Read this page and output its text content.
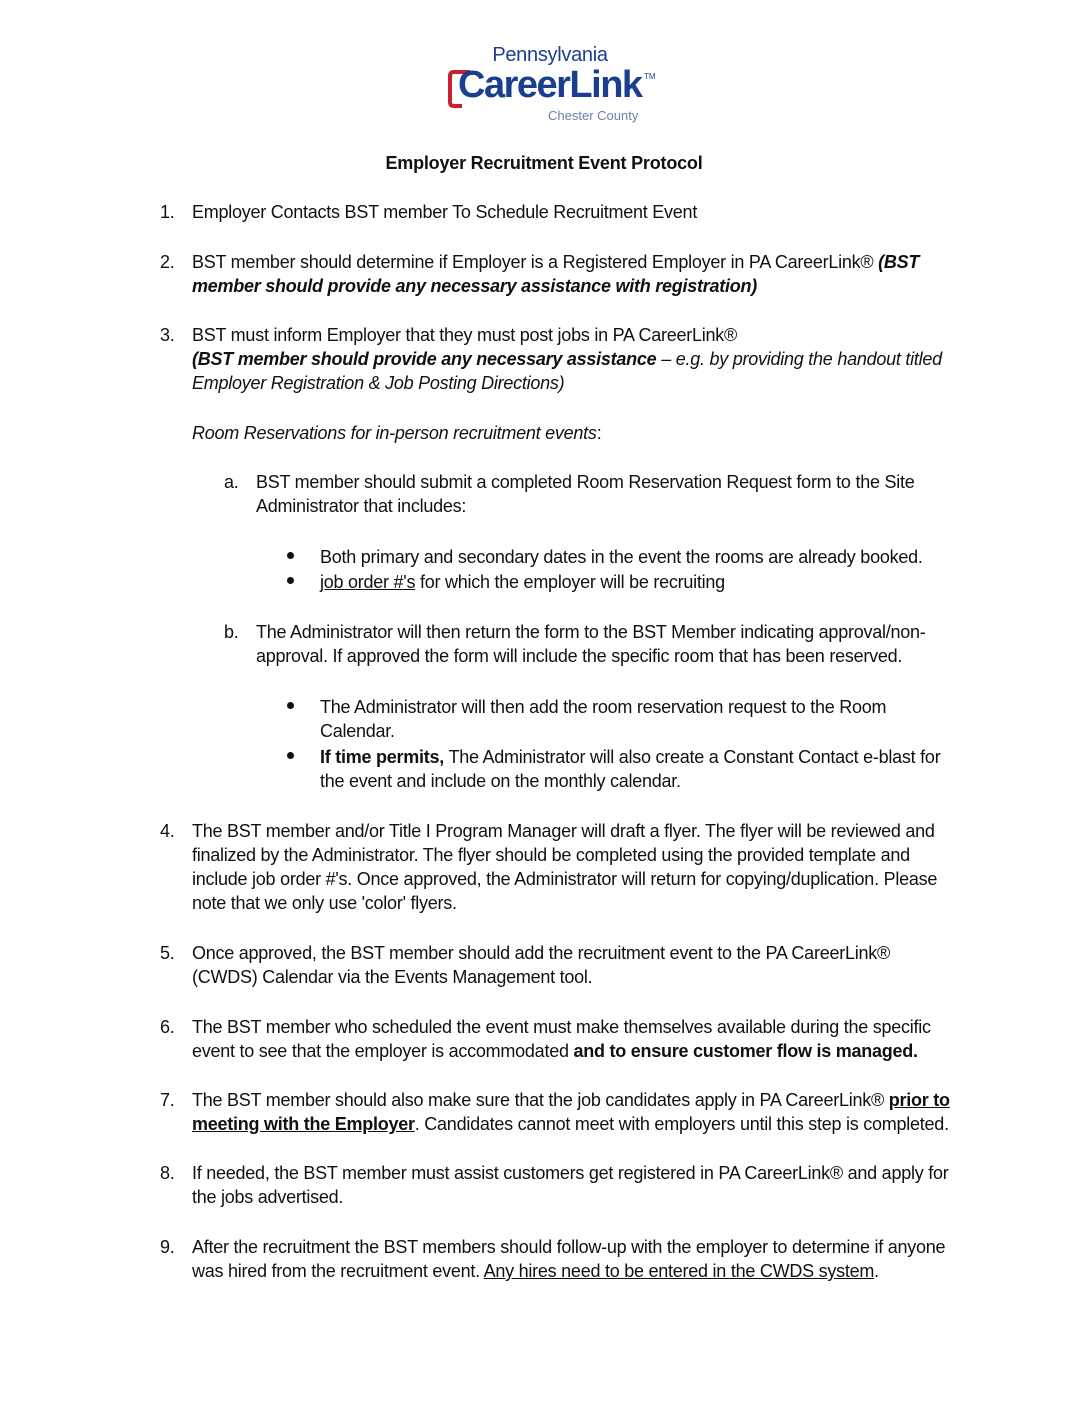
Pennsylvania
CareerLink TM
Chester County
Employer Recruitment Event Protocol
1. Employer Contacts BST member To Schedule Recruitment Event

2. BST member should determine if Employer is a Registered Employer in PA CareerLink® (BST

member should provide any necessary assistance with registration)

3. BST must inform Employer that they must post jobs in PA CareerLink®

(BST member should provide any necessary assistance – e.g. by providing the handout titled

Employer Registration & Job Posting Directions)

Room Reservations for in-person recruitment events:

a. BST member should submit a completed Room Reservation Request form to the Site

Administrator that includes:

Both primary and secondary dates in the event the rooms are already booked.

job order #'s for which the employer will be recruiting

b. The Administrator will then return the form to the BST Member indicating approval/non-

approval. If approved the form will include the specific room that has been reserved.

The Administrator will then add the room reservation request to the Room

Calendar.

If time permits, The Administrator will also create a Constant Contact e-blast for

the event and include on the monthly calendar.

4. The BST member and/or Title I Program Manager will draft a flyer. The flyer will be reviewed and

finalized by the Administrator. The flyer should be completed using the provided template and

include job order #'s. Once approved, the Administrator will return for copying/duplication. Please

note that we only use 'color' flyers.

5. Once approved, the BST member should add the recruitment event to the PA CareerLink®

(CWDS) Calendar via the Events Management tool.

6. The BST member who scheduled the event must make themselves available during the specific

event to see that the employer is accommodated and to ensure customer flow is managed.

7. The BST member should also make sure that the job candidates apply in PA CareerLink® prior to

meeting with the Employer. Candidates cannot meet with employers until this step is completed.

8. If needed, the BST member must assist customers get registered in PA CareerLink® and apply for

the jobs advertised.

9. After the recruitment the BST members should follow-up with the employer to determine if anyone

was hired from the recruitment event. Any hires need to be entered in the CWDS system.
